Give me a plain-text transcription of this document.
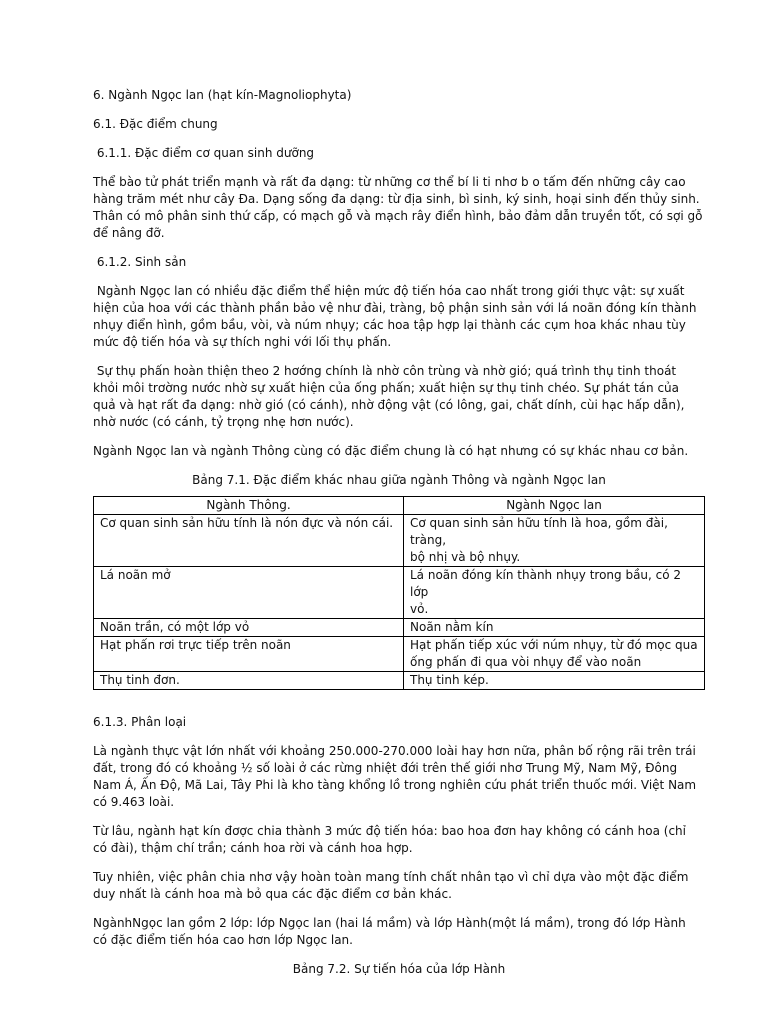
6. Ngành Ngọc lan (hạt kín-Magnoliophyta)

6.1. Đặc điểm chung

6.1.1. Đặc điểm cơ quan sinh dưỡng

Thể bào tử phát triển mạnh và rất đa dạng: từ những cơ thể bí li ti nhơ b o tấm đến những cây cao
hàng trăm mét như cây Đa. Dạng sống đa dạng: từ địa sinh, bì sinh, ký sinh, hoại sinh đến thủy sinh.
Thân có mô phân sinh thứ cấp, có mạch gỗ và mạch rây điển hình, bảo đảm dẫn truyền tốt, có sợi gỗ
để nâng đỡ.

6.1.2. Sinh sản

Ngành Ngọc lan có nhiều đặc điểm thể hiện mức độ tiến hóa cao nhất trong giới thực vật: sự xuất
hiện của hoa với các thành phần bảo vệ như đài, tràng, bộ phận sinh sản với lá noãn đóng kín thành
nhụy điển hình, gồm bầu, vòi, và núm nhụy; các hoa tập hợp lại thành các cụm hoa khác nhau tùy
mức độ tiến hóa và sự thích nghi với lối thụ phấn.

Sự thụ phấn hoàn thiện theo 2 hơớng chính là nhờ côn trùng và nhờ gió; quá trình thụ tinh thoát
khỏi môi trơờng nước nhờ sự xuất hiện của ống phấn; xuất hiện sự thụ tinh chéo. Sự phát tán của
quả và hạt rất đa dạng: nhờ gió (có cánh), nhờ động vật (có lông, gai, chất dính, cùi hạc hấp dẫn),
nhờ nước (có cánh, tỷ trọng nhẹ hơn nước).

Ngành Ngọc lan và ngành Thông cùng có đặc điểm chung là có hạt nhưng có sự khác nhau cơ bản.

Bảng 7.1. Đặc điểm khác nhau giữa ngành Thông và ngành Ngọc lan

Ngành Thông.	Ngành Ngọc lan
Cơ quan sinh sản hữu tính là nón đực và nón cái.	Cơ quan sinh sản hữu tính là hoa, gồm đài, tràng,
bộ nhị và bộ nhụy.
Lá noãn mở	Lá noãn đóng kín thành nhụy trong bầu, có 2 lớp
vỏ.
Noãn trần, có một lớp vỏ	Noãn nằm kín
Hạt phấn rơi trực tiếp trên noãn	Hạt phấn tiếp xúc với núm nhụy, từ đó mọc qua
ống phấn đi qua vòi nhụy để vào noãn
Thụ tinh đơn.	Thụ tinh kép.

6.1.3. Phân loại

Là ngành thực vật lớn nhất với khoảng 250.000-270.000 loài hay hơn nữa, phân bố rộng rãi trên trái
đất, trong đó có khoảng ½ số loài ở các rừng nhiệt đới trên thế giới nhơ Trung Mỹ, Nam Mỹ, Đông
Nam Á, Ấn Độ, Mã Lai, Tây Phi là kho tàng khổng lồ trong nghiên cứu phát triển thuốc mới. Việt Nam
có 9.463 loài.

Từ lâu, ngành hạt kín đơợc chia thành 3 mức độ tiến hóa: bao hoa đơn hay không có cánh hoa (chỉ
có đài), thậm chí trần; cánh hoa rời và cánh hoa hợp.

Tuy nhiên, việc phân chia nhơ vậy hoàn toàn mang tính chất nhân tạo vì chỉ dựa vào một đặc điểm
duy nhất là cánh hoa mà bỏ qua các đặc điểm cơ bản khác.

NgànhNgọc lan gồm 2 lớp: lớp Ngọc lan (hai lá mầm) và lớp Hành(một lá mầm), trong đó lớp Hành
có đặc điểm tiến hóa cao hơn lớp Ngọc lan.

Bảng 7.2. Sự tiến hóa của lớp Hành
